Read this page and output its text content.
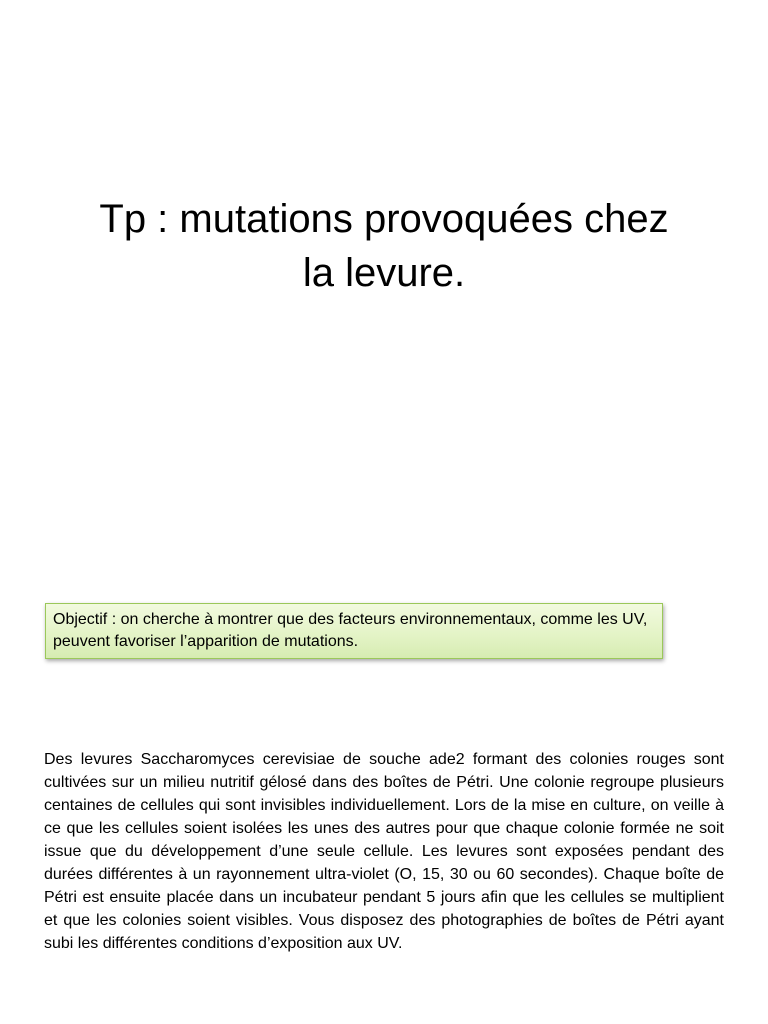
Tp : mutations provoquées chez
la levure.
Objectif : on cherche à montrer que des facteurs environnementaux, comme les UV, peuvent favoriser l’apparition de mutations.

Des levures Saccharomyces cerevisiae de souche ade2 formant des colonies rouges sont cultivées sur un milieu nutritif gélosé dans des boîtes de Pétri. Une colonie regroupe plusieurs centaines de cellules qui sont invisibles individuellement. Lors de la mise en culture, on veille à ce que les cellules soient isolées les unes des autres pour que chaque colonie formée ne soit issue que du développement d’une seule cellule. Les levures sont exposées pendant des durées différentes à un rayonnement ultra-violet (O, 15, 30 ou 60 secondes). Chaque boîte de Pétri est ensuite placée dans un incubateur pendant 5 jours afin que les cellules se multiplient et que les colonies soient visibles. Vous disposez des photographies de boîtes de Pétri ayant subi les différentes conditions d’exposition aux UV.
